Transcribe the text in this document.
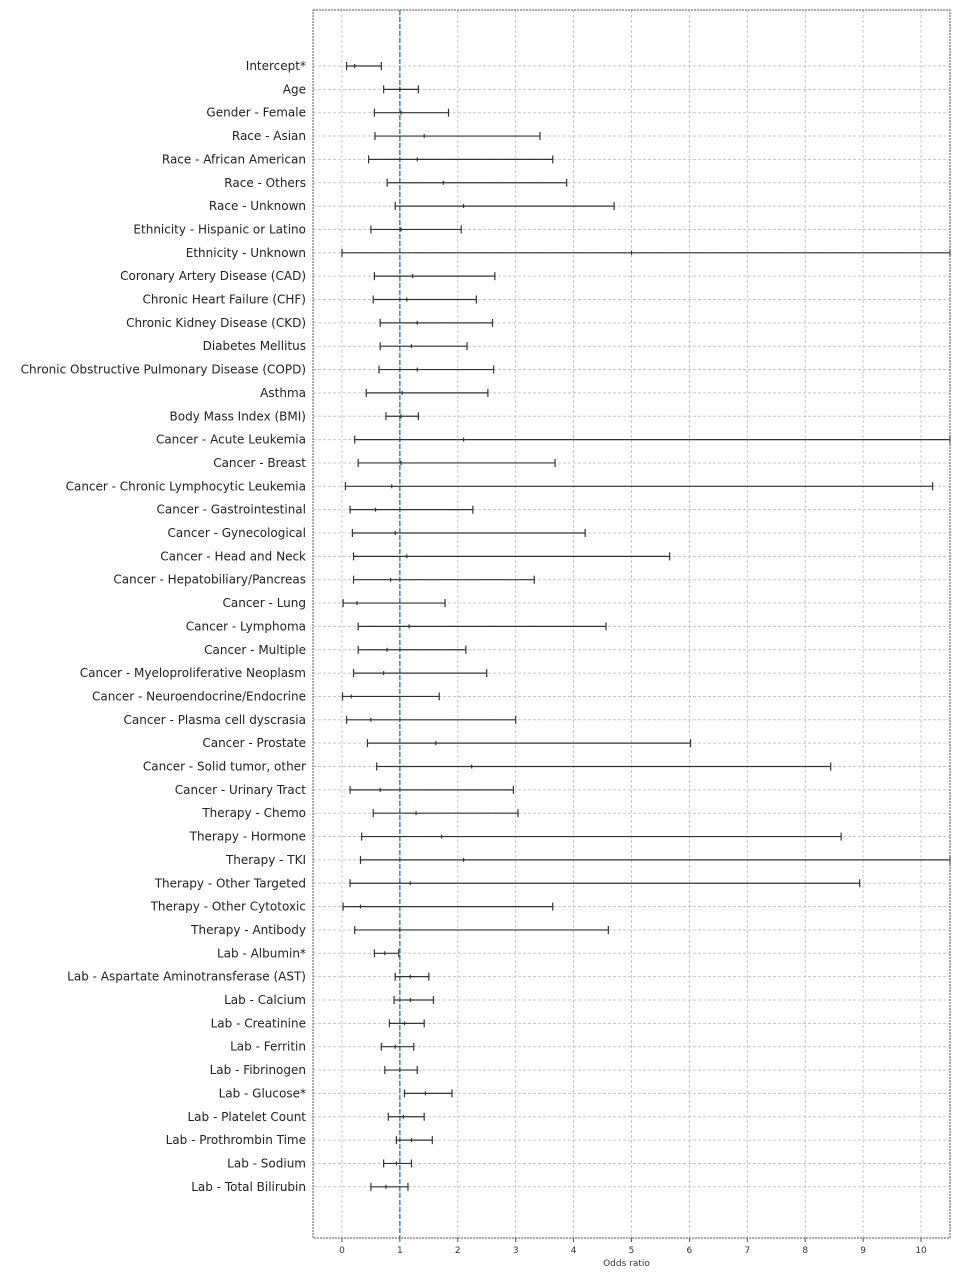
Intercept*
Age
Gender - Female
Race - Asian
Race - African American
Race - Others
Race - Unknown
Ethnicity - Hispanic or Latino
Ethnicity - Unknown
Coronary Artery Disease (CAD)
Chronic Heart Failure (CHF)
Chronic Kidney Disease (CKD)
Diabetes Mellitus
Chronic Obstructive Pulmonary Disease (COPD)
Asthma
Body Mass Index (BMI)
Cancer - Acute Leukemia
Cancer - Breast
Cancer - Chronic Lymphocytic Leukemia
Cancer - Gastrointestinal
Cancer - Gynecological
Cancer - Head and Neck
Cancer - Hepatobiliary/Pancreas
Cancer - Lung
Cancer - Lymphoma
Cancer - Multiple
Cancer - Myeloproliferative Neoplasm
Cancer - Neuroendocrine/Endocrine
Cancer - Plasma cell dyscrasia
Cancer - Prostate
Cancer - Solid tumor, other
Cancer - Urinary Tract
Therapy - Chemo
Therapy - Hormone
Therapy - TKI
Therapy - Other Targeted
Therapy - Other Cytotoxic
Therapy - Antibody
Lab - Albumin*
Lab - Aspartate Aminotransferase (AST)
Lab - Calcium
Lab - Creatinine
Lab - Ferritin
Lab - Fibrinogen
Lab - Glucose*
Lab - Platelet Count
Lab - Prothrombin Time
Lab - Sodium
Lab - Total Bilirubin
0	1	2	3	4	5	6	7	8	9	10
Odds ratio
